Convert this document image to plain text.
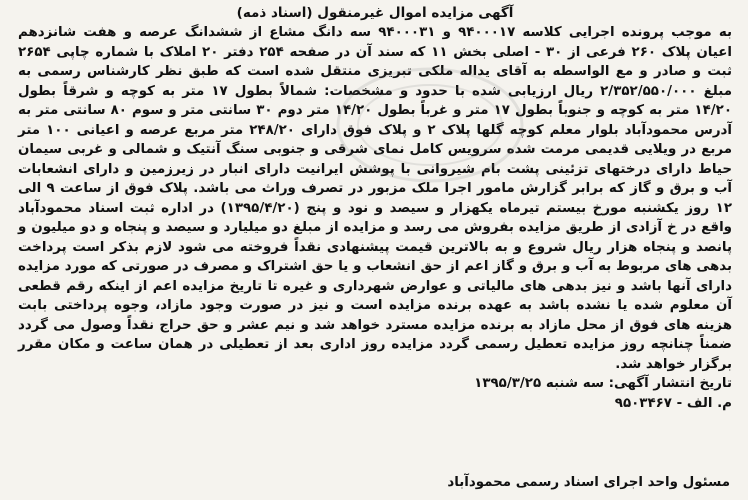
آگهی مزایده اموال غیرمنقول (اسناد ذمه)

به موجب پرونده اجرایی کلاسه ۹۴۰۰۰۱۷ و ۹۴۰۰۰۳۱ سه دانگ مشاع از ششدانگ عرصه و هفت شانزدهم اعیان پلاک ۲۶۰ فرعی از ۳۰ - اصلی بخش ۱۱ که سند آن در صفحه ۲۵۴ دفتر ۲۰ املاک با شماره چاپی ۲۶۵۴ ثبت و صادر و مع الواسطه به آقای یداله ملکی تبریزی منتقل شده است که طبق نظر کارشناس رسمی به مبلغ ۲/۳۵۲/۵۵۰/۰۰۰ ریال ارزیابی شده با حدود و مشخصات: شمالاً بطول ۱۷ متر به کوچه و شرقاً بطول ۱۴/۲۰ متر به کوچه و جنوباً بطول ۱۷ متر و غرباً بطول ۱۴/۲۰ متر دوم ۳۰ سانتی متر و سوم ۸۰ سانتی متر به آدرس محمودآباد بلوار معلم کوچه گلها پلاک ۲ و پلاک فوق دارای ۲۴۸/۲۰ متر مربع عرصه و اعیانی ۱۰۰ متر مربع در ویلایی قدیمی مرمت شده سرویس کامل نمای شرقی و جنوبی سنگ آنتیک و شمالی و غربی سیمان حیاط دارای درختهای تزئینی پشت بام شیروانی با پوشش ایرانیت دارای انبار در زیرزمین و دارای انشعابات آب و برق و گاز که برابر گزارش مامور اجرا ملک مزبور در تصرف وراث می باشد. پلاک فوق از ساعت ۹ الی ۱۲ روز یکشنبه مورخ بیستم تیرماه یکهزار و سیصد و نود و پنج (۱۳۹۵/۴/۲۰) در اداره ثبت اسناد محمودآباد واقع در خ آزادی از طریق مزایده بفروش می رسد و مزایده از مبلغ دو میلیارد و سیصد و پنجاه و دو میلیون و پانصد و پنجاه هزار ریال شروع و به بالاترین قیمت پیشنهادی نقداً فروخته می شود لازم بذکر است پرداخت بدهی های مربوط به آب و برق و گاز اعم از حق انشعاب و یا حق اشتراک و مصرف در صورتی که مورد مزایده دارای آنها باشد و نیز بدهی های مالیاتی و عوارض شهرداری و غیره تا تاریخ مزایده اعم از اینکه رقم قطعی آن معلوم شده یا نشده باشد به عهده برنده مزایده است و نیز در صورت وجود مازاد، وجوه پرداختی بابت هزینه های فوق از محل مازاد به برنده مزایده مسترد خواهد شد و نیم عشر و حق حراج نقداً وصول می گردد ضمناً چنانچه روز مزایده تعطیل رسمی گردد مزایده روز اداری بعد از تعطیلی در همان ساعت و مکان مقرر برگزار خواهد شد.

تاریخ انتشار آگهی: سه شنبه ۱۳۹۵/۳/۲۵

م. الف - ۹۵۰۳۴۶۷

مسئول واحد اجرای اسناد رسمی محمودآباد
